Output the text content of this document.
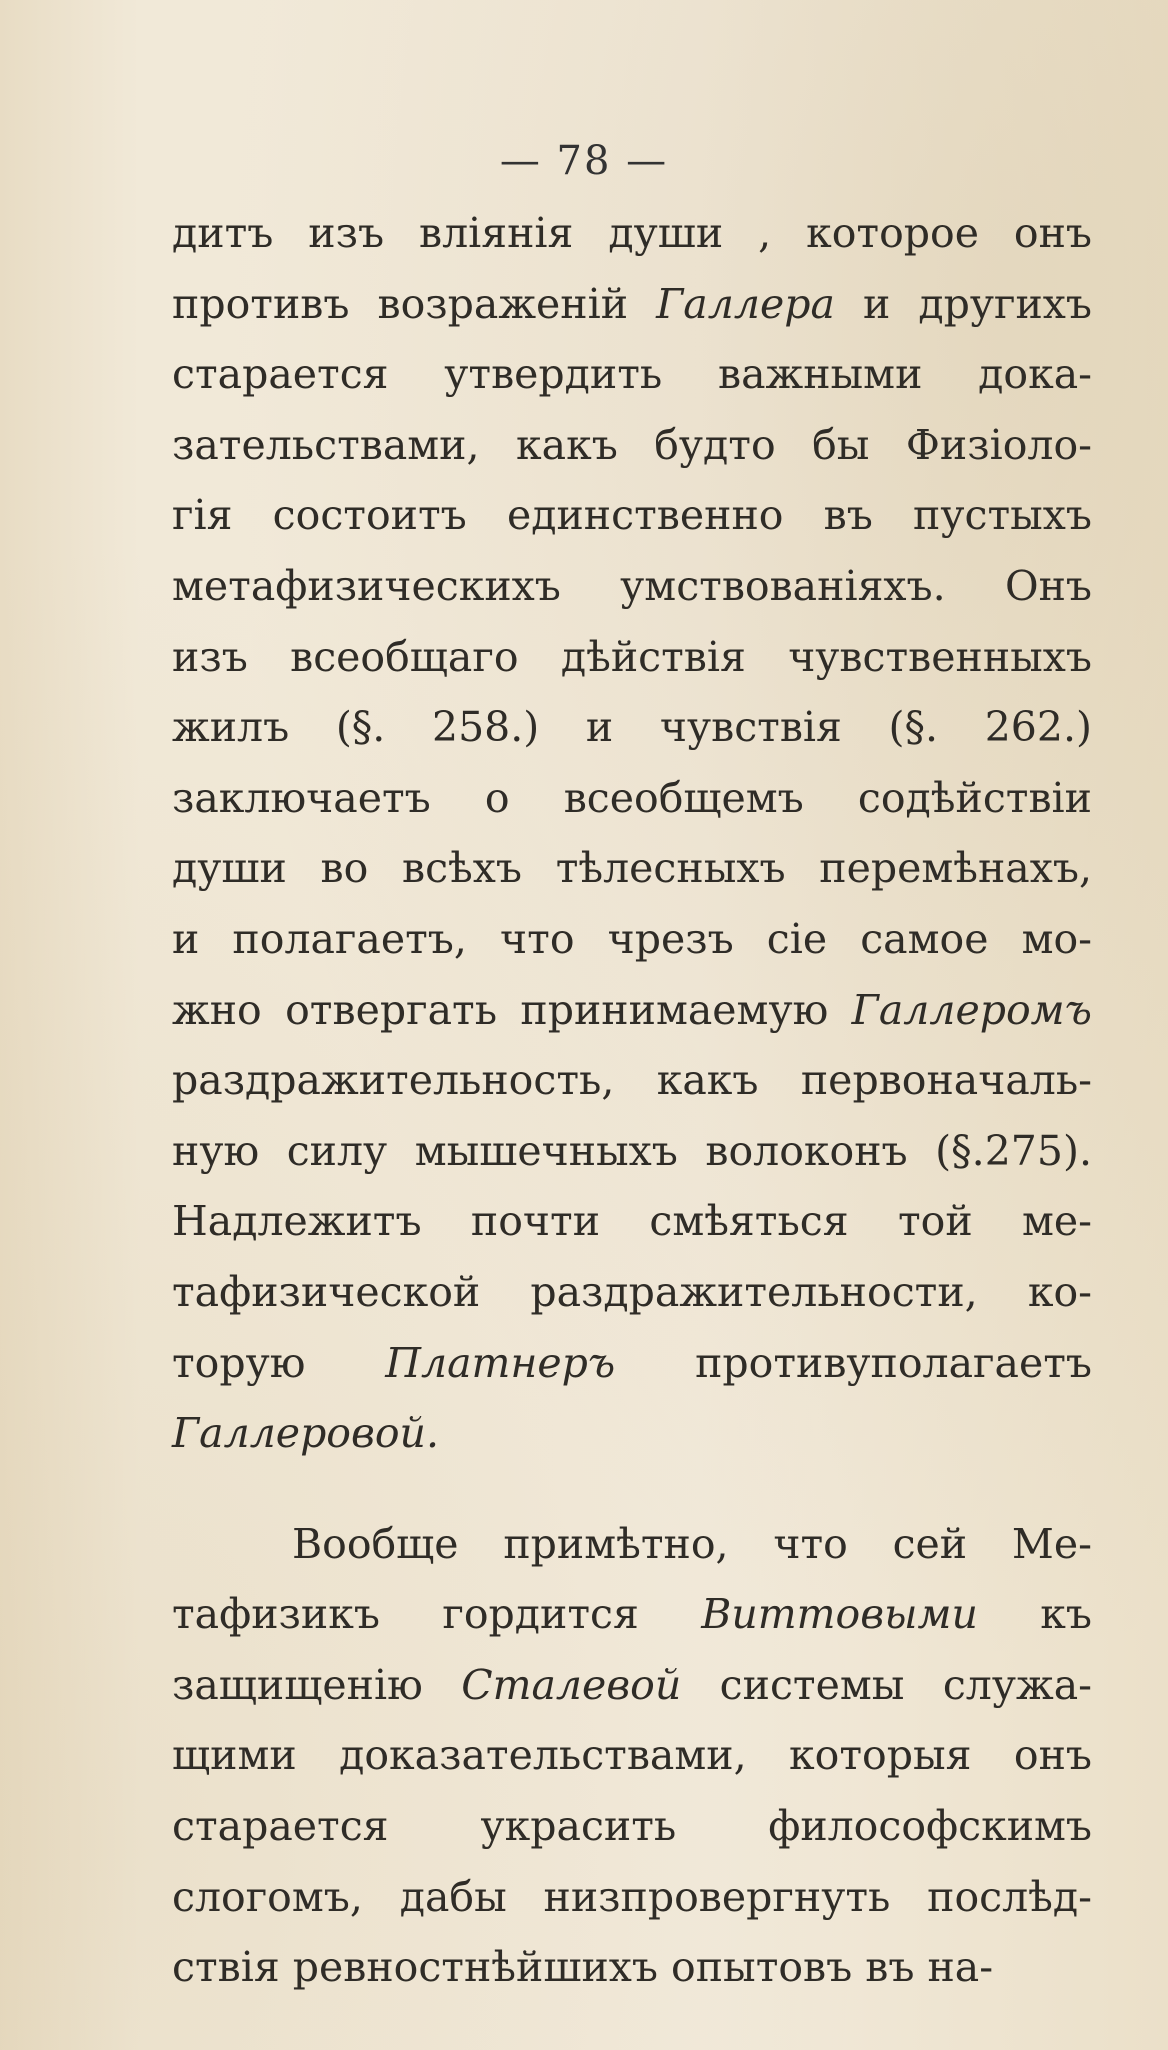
— 78 —
дитъ изъ влiянiя души , которое онъ
противъ возраженiй Галлера и другихъ
старается утвердить важными дока-
зательствами, какъ будто бы Физiоло-
гiя состоитъ единственно въ пустыхъ
метафизическихъ умствованiяхъ. Онъ
изъ всеобщаго дѣйствiя чувственныхъ
жилъ (§. 258.) и чувствiя (§. 262.)
заключаетъ о всеобщемъ содѣйствiи
души во всѣхъ тѣлесныхъ перемѣнахъ,
и полагаетъ, что чрезъ сiе самое мо-
жно отвергать принимаемую Галлеромъ
раздражительность, какъ первоначаль-
ную силу мышечныхъ волоконъ (§.275).
Надлежитъ почти смѣяться той ме-
тафизической раздражительности, ко-
торую Платнеръ противуполагаетъ
Галлеровой.
Вообще примѣтно, что сей Ме-
тафизикъ гордится Виттовыми къ
защищенiю Сталевой системы служа-
щими доказательствами, которыя онъ
старается украсить философскимъ
слогомъ, дабы низпровергнуть послѣд-
ствiя ревностнѣйшихъ опытовъ въ на-
